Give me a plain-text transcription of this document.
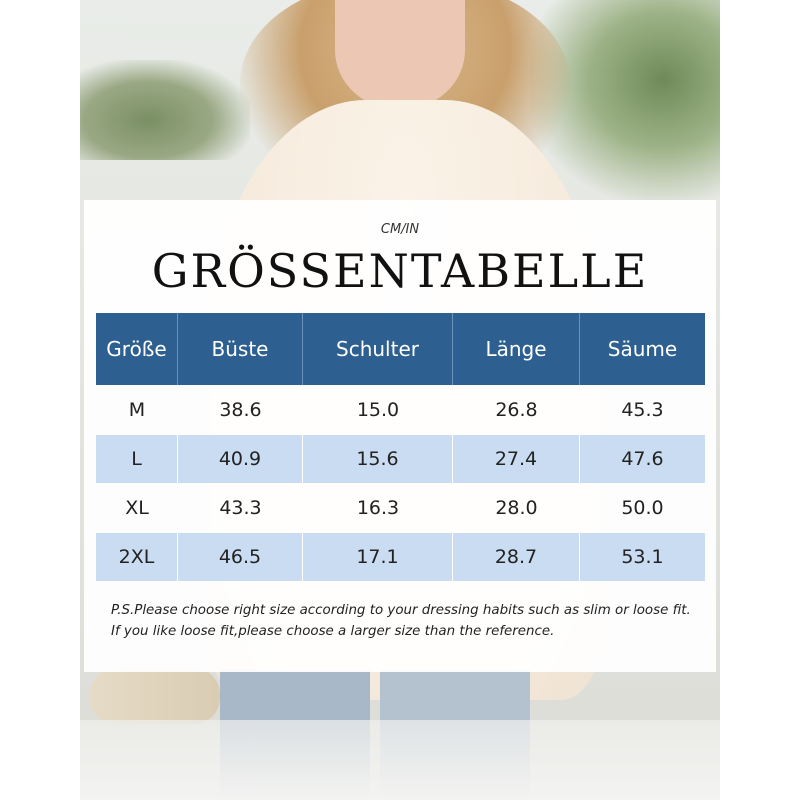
CM/IN
GRÖSSENTABELLE
Größe	Büste	Schulter	Länge	Säume
M	38.6	15.0	26.8	45.3
L	40.9	15.6	27.4	47.6
XL	43.3	16.3	28.0	50.0
2XL	46.5	17.1	28.7	53.1
P.S.Please choose right size according to your dressing habits such as slim or loose fit.
If you like loose fit,please choose a larger size than the reference.
